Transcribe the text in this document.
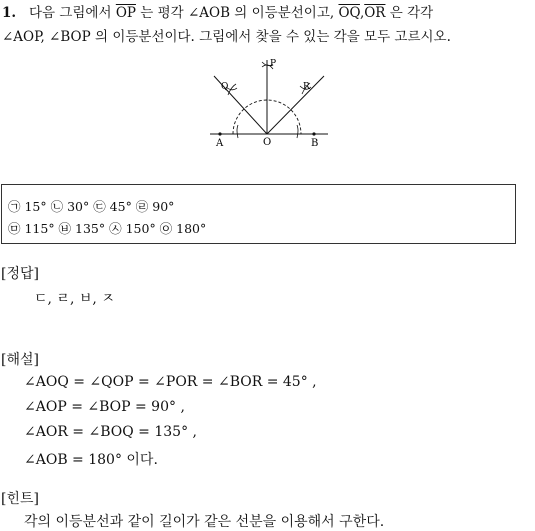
1. 다음 그림에서 $\overline{OP}$ 는 평각 ∠AOB 의 이등분선이고, $\overline{OQ},\overline{OR}$ 은 각각
∠AOP, ∠BOP 의 이등분선이다. 그림에서 찾을 수 있는 각을 모두 고르시오.
A	O	B
P
Q	R
㉠ 15° ㉡ 30° ㉢ 45° ㉣ 90°
㉤ 115° ㉥ 135° ㉦ 150° ㉧ 180°
[정답]
ㄷ, ㄹ, ㅂ, ㅈ
[해설]
∠AOQ = ∠QOP = ∠POR = ∠BOR = 45° ,
∠AOP = ∠BOP = 90° ,
∠AOR = ∠BOQ = 135° ,
∠AOB = 180° 이다.
[힌트]
각의 이등분선과 같이 길이가 같은 선분을 이용해서 구한다.
